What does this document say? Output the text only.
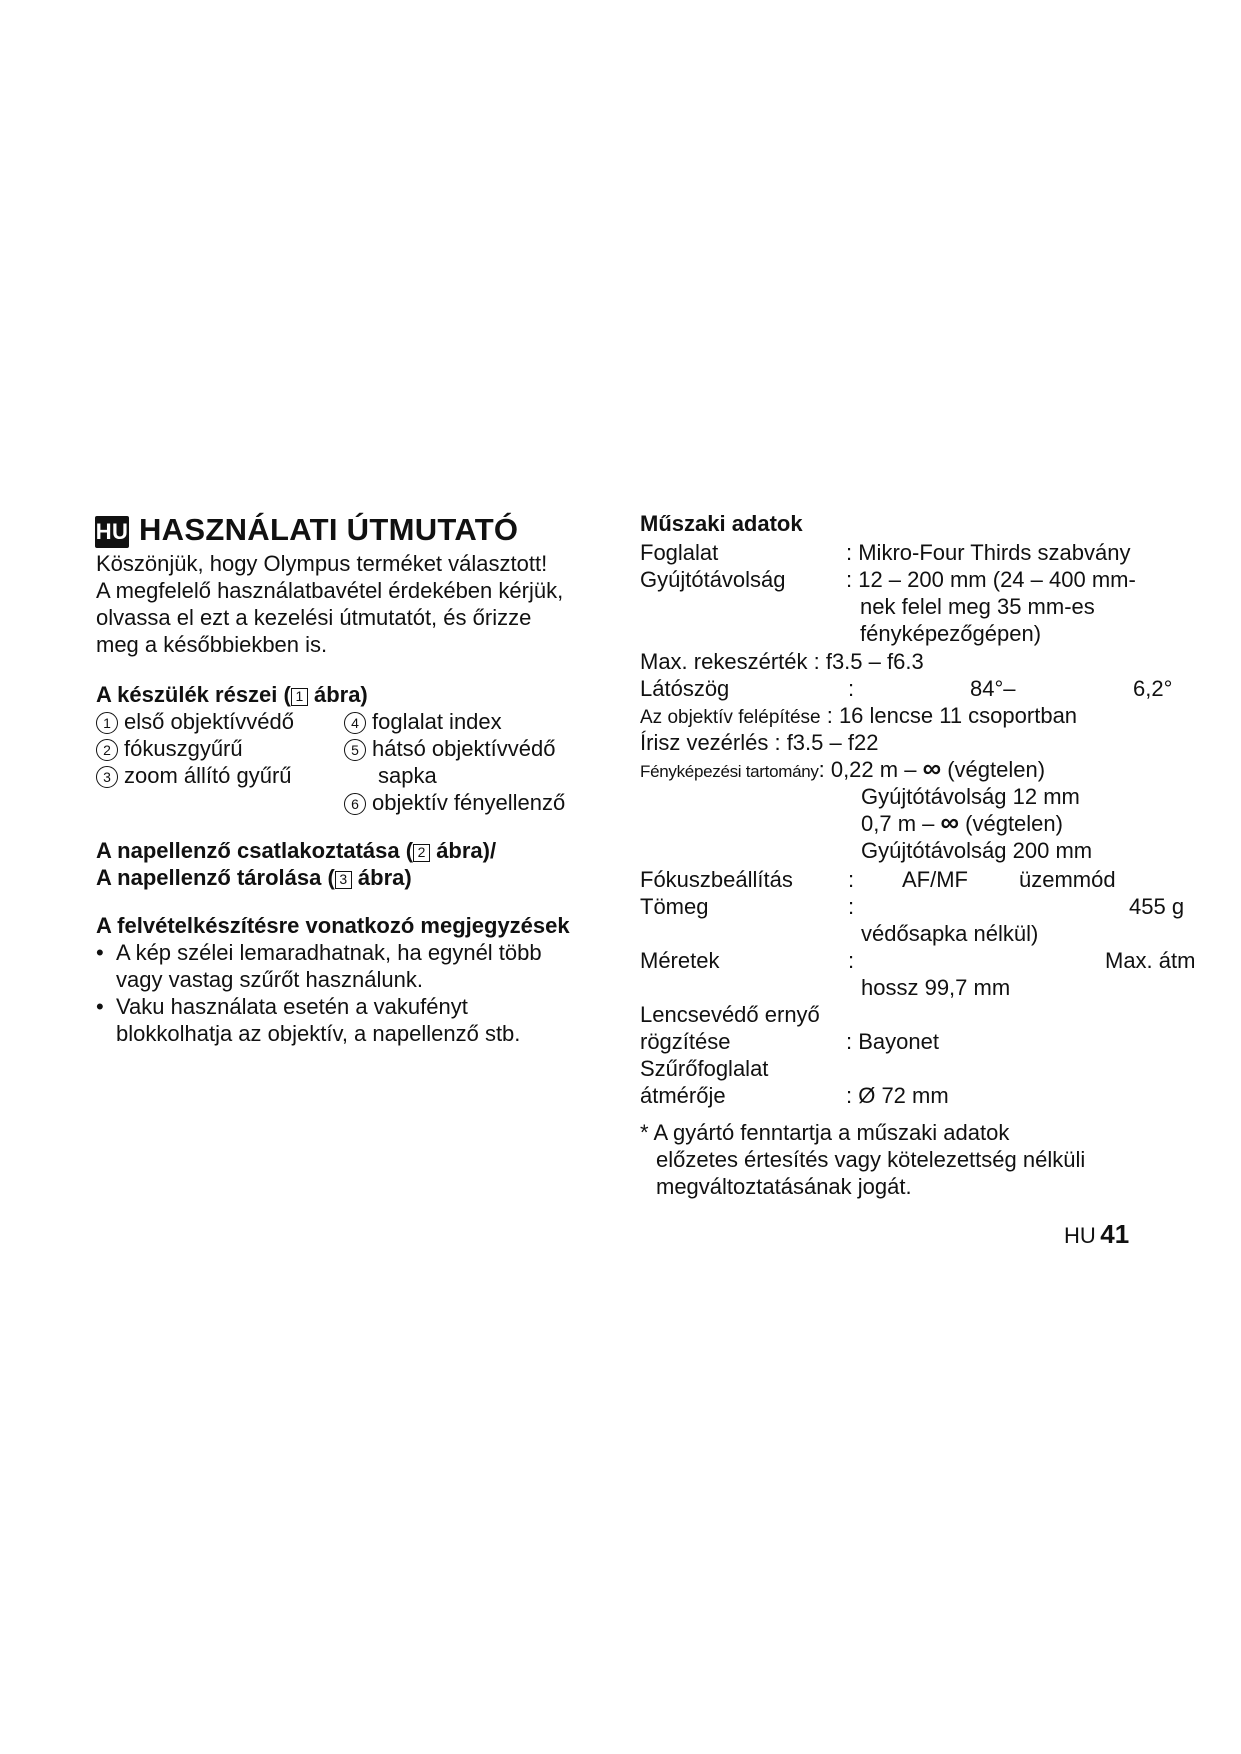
HU HASZNÁLATI ÚTMUTATÓ
Köszönjük, hogy Olympus terméket választott!
A megfelelő használatbavétel érdekében kérjük,
olvassa el ezt a kezelési útmutatót, és őrizze
meg a későbbiekben is.
A készülék részei ( 1 ábra)
1 első objektívvédő
2 fókuszgyűrű
3 zoom állító gyűrű
4 foglalat index
5 hátsó objektívvédő
sapka
6 objektív fényellenző
A napellenző csatlakoztatása ( 2 ábra)/
A napellenző tárolása ( 3 ábra)
A felvételkészítésre vonatkozó megjegyzések
• A kép szélei lemaradhatnak, ha egynél több
vagy vastag szűrőt használunk.
• Vaku használata esetén a vakufényt
blokkolhatja az objektív, a napellenző stb.
Műszaki adatok
Foglalat	: Mikro-Four Thirds szabvány
Gyújtótávolság	: 12 – 200 mm (24 – 400 mm-
nek felel meg 35 mm-es
fényképezőgépen)
Max. rekeszérték : f3.5 – f6.3
Látószög	:	84°–	6,2°
Az objektív felépítése : 16 lencse 11 csoportban
Írisz vezérlés : f3.5 – f22
Fényképezési tartomány: 0,22 m – ∞ (végtelen)
Gyújtótávolság 12 mm
0,7 m – ∞ (végtelen)
Gyújtótávolság 200 mm
Fókuszbeállítás	: AF/MF üzemmód
Tömeg	:	455 g
védősapka nélkül)
Méretek	:	Max. átm
hossz 99,7 mm
Lencsevédő ernyő
rögzítése	: Bayonet
Szűrőfoglalat
átmérője	: Ø 72 mm
* A gyártó fenntartja a műszaki adatok
előzetes értesítés vagy kötelezettség nélküli
megváltoztatásának jogát.
HU 41
